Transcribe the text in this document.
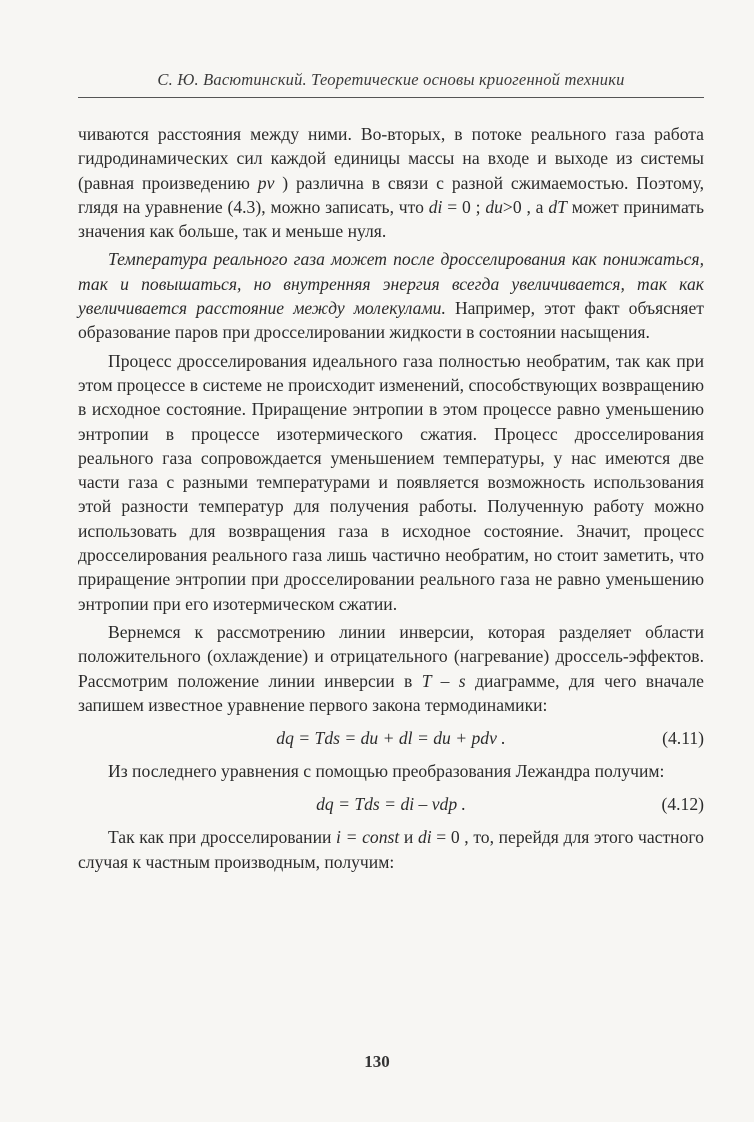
С. Ю. Васютинский. Теоретические основы криогенной техники

чиваются расстояния между ними. Во-вторых, в потоке реального газа работа гидродинамических сил каждой единицы массы на входе и выходе из системы (равная произведению pv ) различна в связи с разной сжимаемостью. Поэтому, глядя на уравнение (4.3), можно записать, что di = 0 ; du>0 , а dT может принимать значения как больше, так и меньше нуля.

Температура реального газа может после дросселирования как понижаться, так и повышаться, но внутренняя энергия всегда увеличивается, так как увеличивается расстояние между молекулами. Например, этот факт объясняет образование паров при дросселировании жидкости в состоянии насыщения.

Процесс дросселирования идеального газа полностью необратим, так как при этом процессе в системе не происходит изменений, способствующих возвращению в исходное состояние. Приращение энтропии в этом процессе равно уменьшению энтропии в процессе изотермического сжатия. Процесс дросселирования реального газа сопровождается уменьшением температуры, у нас имеются две части газа с разными температурами и появляется возможность использования этой разности температур для получения работы. Полученную работу можно использовать для возвращения газа в исходное состояние. Значит, процесс дросселирования реального газа лишь частично необратим, но стоит заметить, что приращение энтропии при дросселировании реального газа не равно уменьшению энтропии при его изотермическом сжатии.

Вернемся к рассмотрению линии инверсии, которая разделяет области положительного (охлаждение) и отрицательного (нагревание) дроссель-эффектов. Рассмотрим положение линии инверсии в T – s диаграмме, для чего вначале запишем известное уравнение первого закона термодинамики:

dq = Tds = du + dl = du + pdv .	(4.11)

Из последнего уравнения с помощью преобразования Лежандра получим:

dq = Tds = di – vdp .	(4.12)

Так как при дросселировании i = const и di = 0 , то, перейдя для этого частного случая к частным производным, получим:

130
